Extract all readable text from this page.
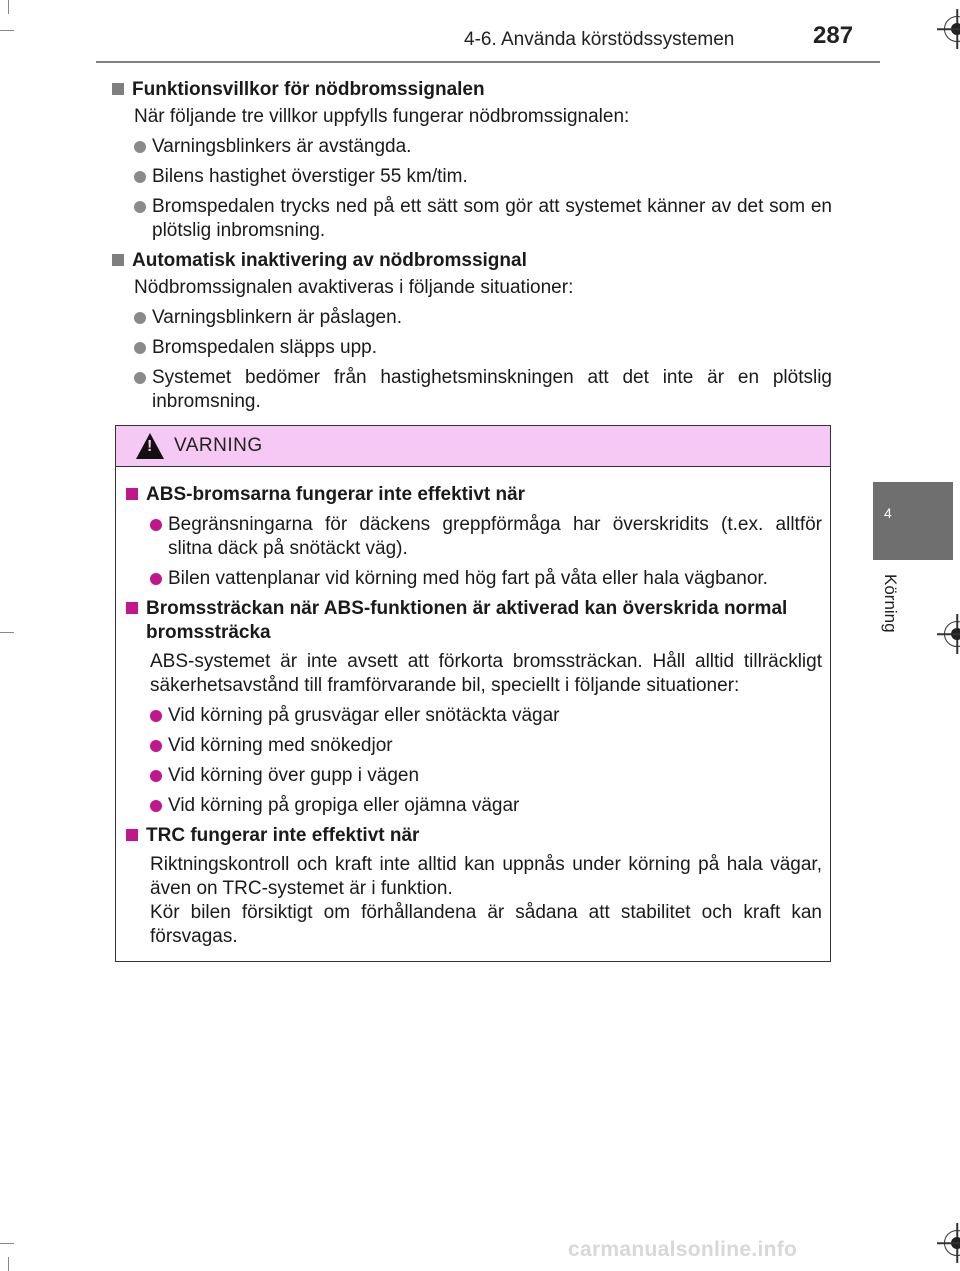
4-6. Använda körstödssystemen	287
4
Körning
Funktionsvillkor för nödbromssignalen
När följande tre villkor uppfylls fungerar nödbromssignalen:
Varningsblinkers är avstängda.
Bilens hastighet överstiger 55 km/tim.
Bromspedalen trycks ned på ett sätt som gör att systemet känner av det som en plötslig inbromsning.
Automatisk inaktivering av nödbromssignal
Nödbromssignalen avaktiveras i följande situationer:
Varningsblinkern är påslagen.
Bromspedalen släpps upp.
Systemet bedömer från hastighetsminskningen att det inte är en plötslig inbromsning.
! VARNING
ABS-bromsarna fungerar inte effektivt när
Begränsningarna för däckens greppförmåga har överskridits (t.ex. alltför slitna däck på snötäckt väg).
Bilen vattenplanar vid körning med hög fart på våta eller hala vägbanor.
Bromssträckan när ABS-funktionen är aktiverad kan överskrida normal bromssträcka
ABS-systemet är inte avsett att förkorta bromssträckan. Håll alltid tillräckligt säkerhetsavstånd till framförvarande bil, speciellt i följande situationer:
Vid körning på grusvägar eller snötäckta vägar
Vid körning med snökedjor
Vid körning över gupp i vägen
Vid körning på gropiga eller ojämna vägar
TRC fungerar inte effektivt när
Riktningskontroll och kraft inte alltid kan uppnås under körning på hala vägar, även on TRC-systemet är i funktion.
Kör bilen försiktigt om förhållandena är sådana att stabilitet och kraft kan försvagas.
carmanualsonline.info
